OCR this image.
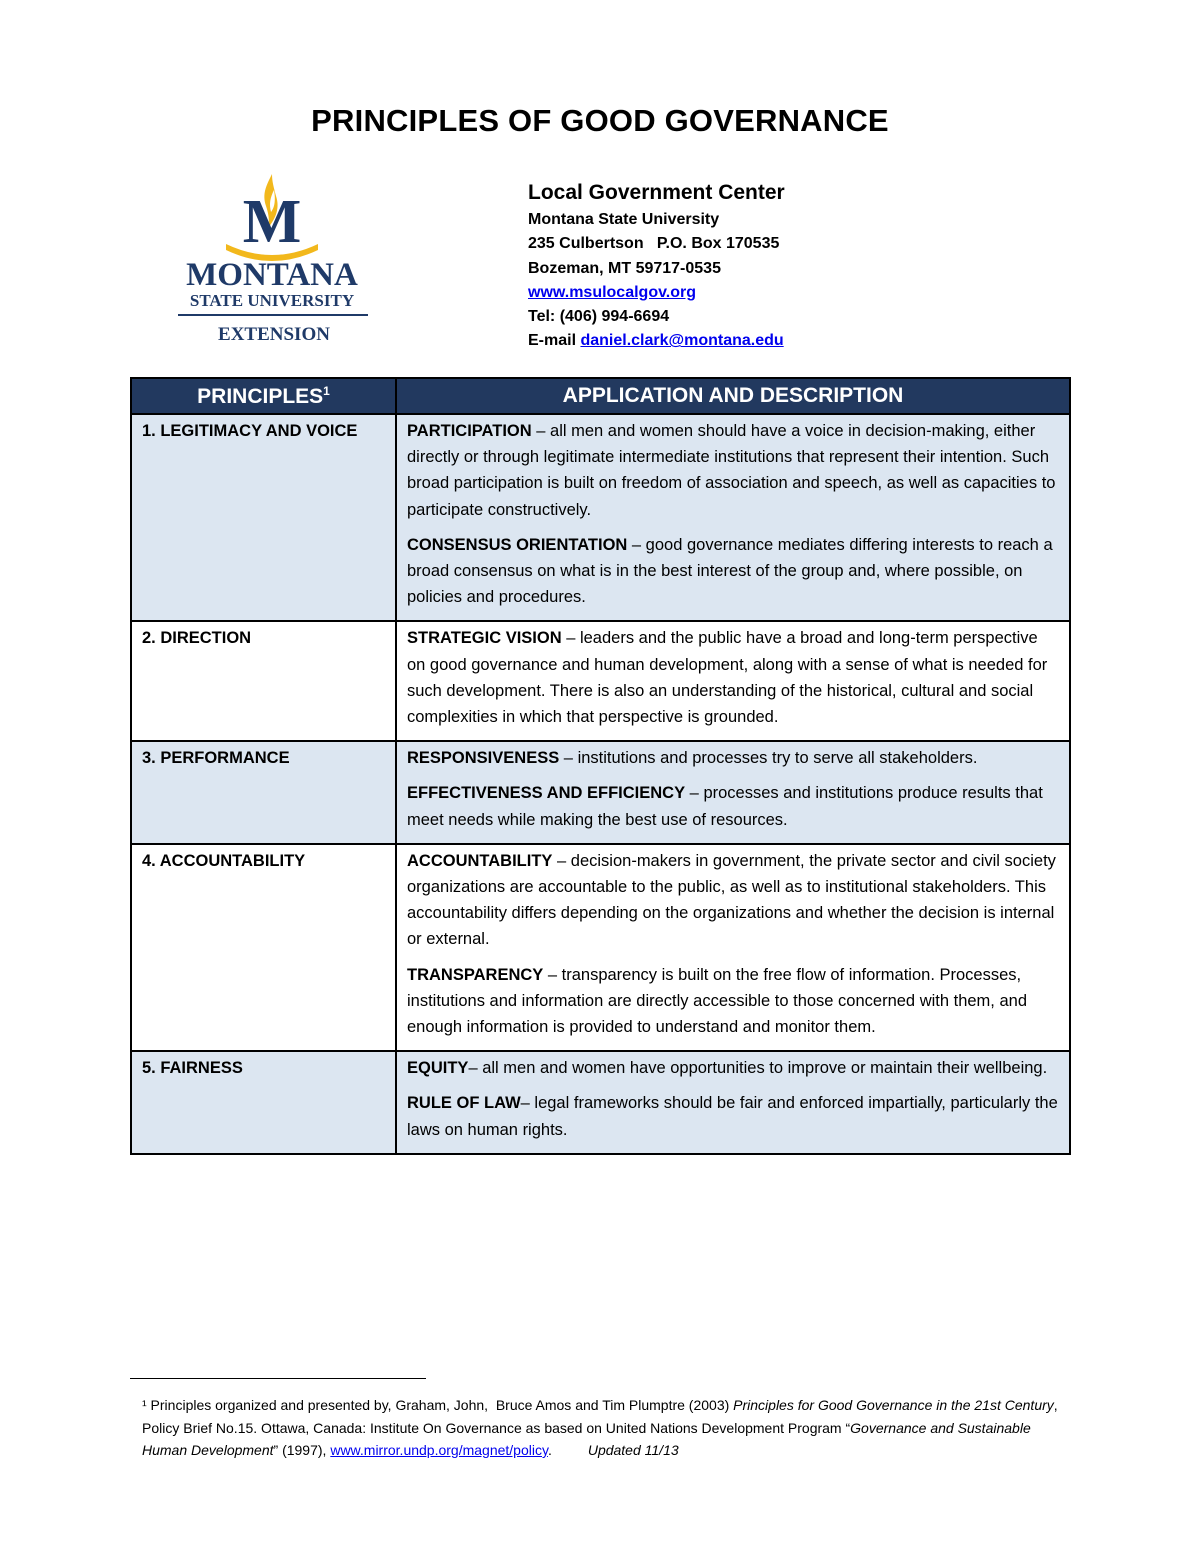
PRINCIPLES OF GOOD GOVERNANCE
M
MONTANA
STATE UNIVERSITY
EXTENSION
Local Government Center
Montana State University
235 Culbertson   P.O. Box 170535
Bozeman, MT 59717-0535
www.msulocalgov.org
Tel: (406) 994-6694
E-mail daniel.clark@montana.edu
PRINCIPLES$^1$	APPLICATION AND DESCRIPTION
1. LEGITIMACY AND VOICE	PARTICIPATION – all men and women should have a voice in decision-making, either directly or through legitimate intermediate institutions that represent their intention. Such broad participation is built on freedom of association and speech, as well as capacities to participate constructively.

CONSENSUS ORIENTATION – good governance mediates differing interests to reach a broad consensus on what is in the best interest of the group and, where possible, on policies and procedures.

2. DIRECTION	STRATEGIC VISION – leaders and the public have a broad and long-term perspective on good governance and human development, along with a sense of what is needed for such development. There is also an understanding of the historical, cultural and social complexities in which that perspective is grounded.

3. PERFORMANCE	RESPONSIVENESS – institutions and processes try to serve all stakeholders.

EFFECTIVENESS AND EFFICIENCY – processes and institutions produce results that meet needs while making the best use of resources.

4. ACCOUNTABILITY	ACCOUNTABILITY – decision-makers in government, the private sector and civil society organizations are accountable to the public, as well as to institutional stakeholders. This accountability differs depending on the organizations and whether the decision is internal or external.

TRANSPARENCY – transparency is built on the free flow of information. Processes, institutions and information are directly accessible to those concerned with them, and enough information is provided to understand and monitor them.

5. FAIRNESS	EQUITY– all men and women have opportunities to improve or maintain their wellbeing.

RULE OF LAW– legal frameworks should be fair and enforced impartially, particularly the laws on human rights.

¹ Principles organized and presented by, Graham, John,  Bruce Amos and Tim Plumptre (2003) Principles for Good Governance in the 21st Century, Policy Brief No.15. Ottawa, Canada: Institute On Governance as based on United Nations Development Program “Governance and Sustainable Human Development” (1997), www.mirror.undp.org/magnet/policy.	Updated 11/13
